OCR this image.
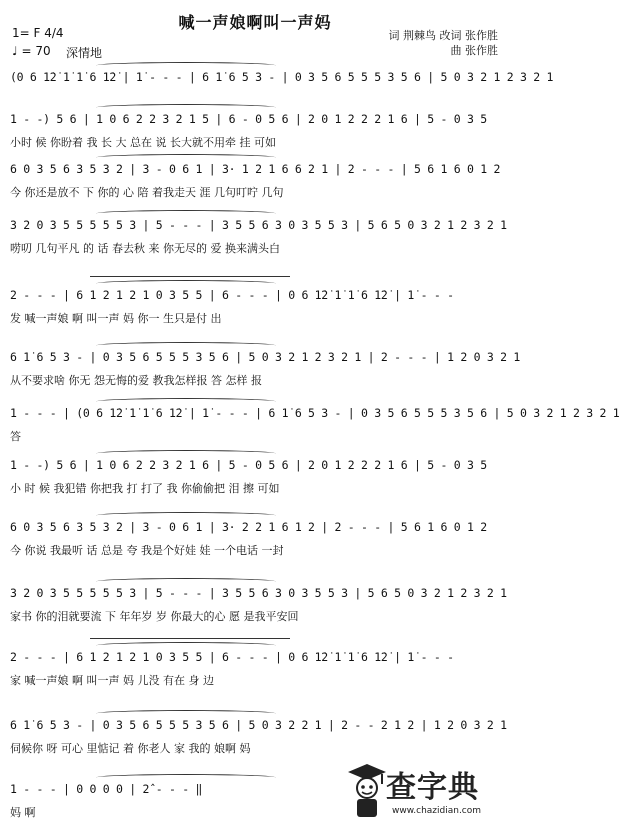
喊一声娘啊叫一声妈
1= F 4/4
♩ = 70 深情地
词 荆棘鸟 改词 张作胜
曲 张作胜
(0 6 1̇2̇ 1̇ 1̇ 6 1̇2̇ | 1̇ - - - | 6 1̇ 6 5 3 - | 0 3 5 6 5 5 5 3 5 6 | 5 0 3 2 1 2 3 2 1
1 - -) 5 6 | 1 0 6 2 2 3 2 1 5 | 6 - 0 5 6 | 2 0 1 2 2 2 1 6 | 5 - 0 3 5
小时 候 你盼着 我 长 大 总在 说 长大就不用牵 挂 可如
6 0 3 5 6 3 5 3 2 | 3 - 0 6 1 | 3· 1 2 1 6 6 2 1 | 2 - - - | 5 6 1 6 0 1 2
今 你还是放不 下 你的 心 陪 着我走天 涯 几句叮咛 几句
3 2 0 3 5 5 5 5 5 3 | 5 - - - | 3 5 5 6 3 0 3 5 5 3 | 5 6 5 0 3 2 1 2 3 2 1
唠叨 几句平凡 的 话 春去秋 来 你无尽的 爱 换来满头白
2 - - - | 6 1 2 1 2 1 0 3 5 5 | 6 - - - | 0 6 1̇2̇ 1̇ 1̇ 6 1̇2̇ | 1̇ - - -
发 喊一声娘 啊 叫一声 妈 你一 生只是付 出
6 1̇ 6 5 3 - | 0 3 5 6 5 5 5 3 5 6 | 5 0 3 2 1 2 3 2 1 | 2 - - - | 1 2 0 3 2 1
从不要求啥 你无 怨无悔的爱 教我怎样报 答 怎样 报
1 - - - | (0 6 1̇2̇ 1̇ 1̇ 6 1̇2̇ | 1̇ - - - | 6 1̇ 6 5 3 - | 0 3 5 6 5 5 5 3 5 6 | 5 0 3 2 1 2 3 2 1
答
1 - -) 5 6 | 1 0 6 2 2 3 2 1 6 | 5 - 0 5 6 | 2 0 1 2 2 2 1 6 | 5 - 0 3 5
小 时 候 我犯错 你把我 打 打了 我 你偷偷把 泪 擦 可如
6 0 3 5 6 3 5 3 2 | 3 - 0 6 1 | 3· 2 2 1 6 1 2 | 2 - - - | 5 6 1 6 0 1 2
今 你说 我最听 话 总是 夸 我是个好娃 娃 一个电话 一封
3 2 0 3 5 5 5 5 5 3 | 5 - - - | 3 5 5 6 3 0 3 5 5 3 | 5 6 5 0 3 2 1 2 3 2 1
家书 你的泪就要流 下 年年岁 岁 你最大的心 愿 是我平安回
2 - - - | 6 1 2 1 2 1 0 3 5 5 | 6 - - - | 0 6 1̇2̇ 1̇ 1̇ 6 1̇2̇ | 1̇ - - -
家 喊一声娘 啊 叫一声 妈 儿没 有在 身 边
6 1̇ 6 5 3 - | 0 3 5 6 5 5 5 3 5 6 | 5 0 3 2 2 1 | 2 - - 2 1 2 | 1 2 0 3 2 1
伺候你 呀 可心 里惦记 着 你老人 家 我的 娘啊 妈
1 - - - | 0 0 0 0 | 2̂ - - - ‖
妈 啊
查字典
www.chazidian.com
